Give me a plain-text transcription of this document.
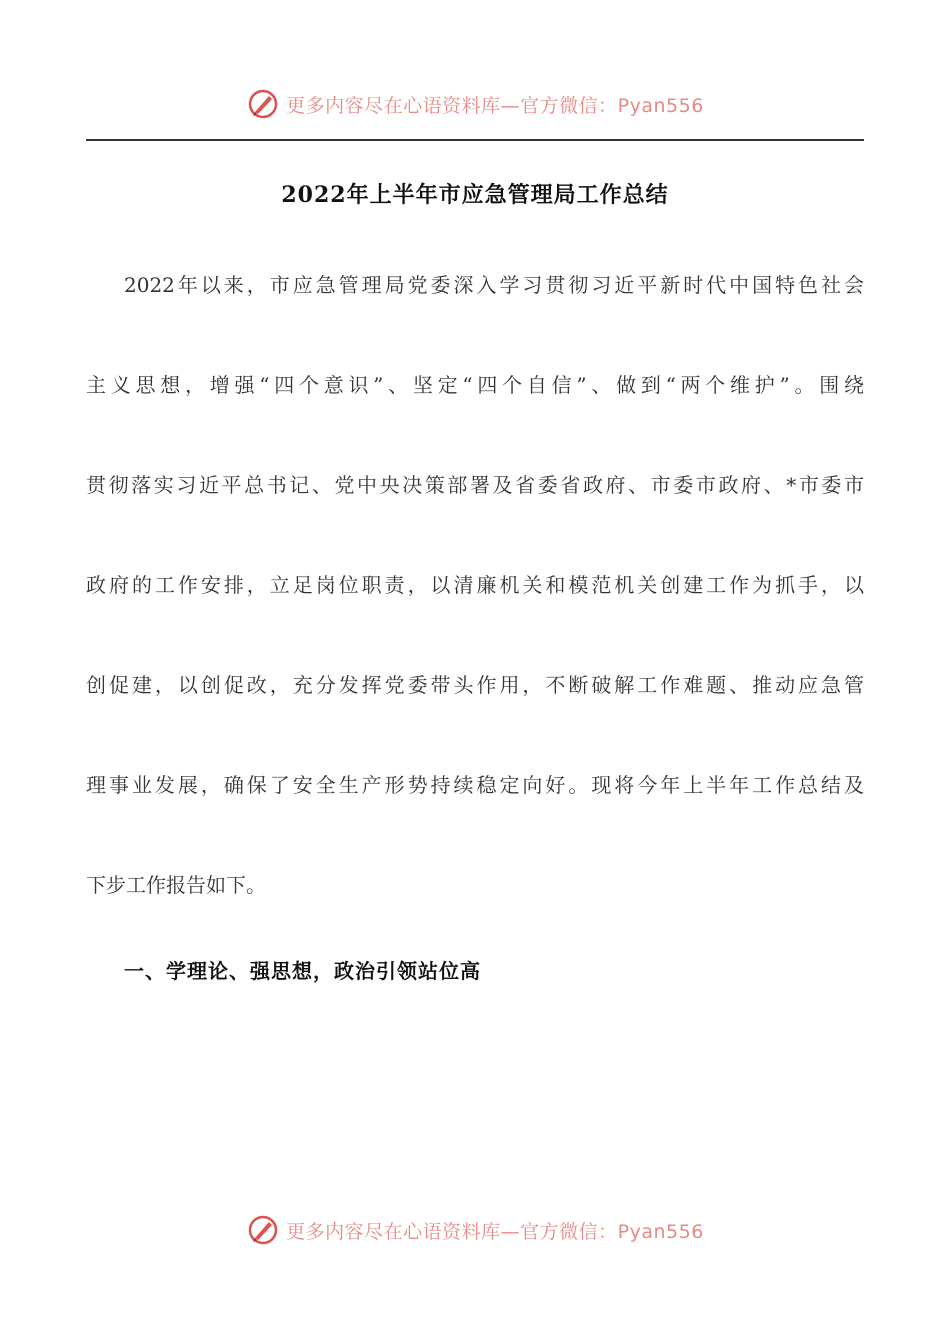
更多内容尽在心语资料库—官方微信：Pyan556
2022年上半年市应急管理局工作总结
2022年以来，市应急管理局党委深入学习贯彻习近平新时代中国特色社会
主义思想，增强“四个意识”、坚定“四个自信”、做到“两个维护”。围绕
贯彻落实习近平总书记、党中央决策部署及省委省政府、市委市政府、*市委市
政府的工作安排，立足岗位职责，以清廉机关和模范机关创建工作为抓手，以
创促建，以创促改，充分发挥党委带头作用，不断破解工作难题、推动应急管
理事业发展，确保了安全生产形势持续稳定向好。现将今年上半年工作总结及
下步工作报告如下。
一、学理论、强思想，政治引领站位高
更多内容尽在心语资料库—官方微信：Pyan556
